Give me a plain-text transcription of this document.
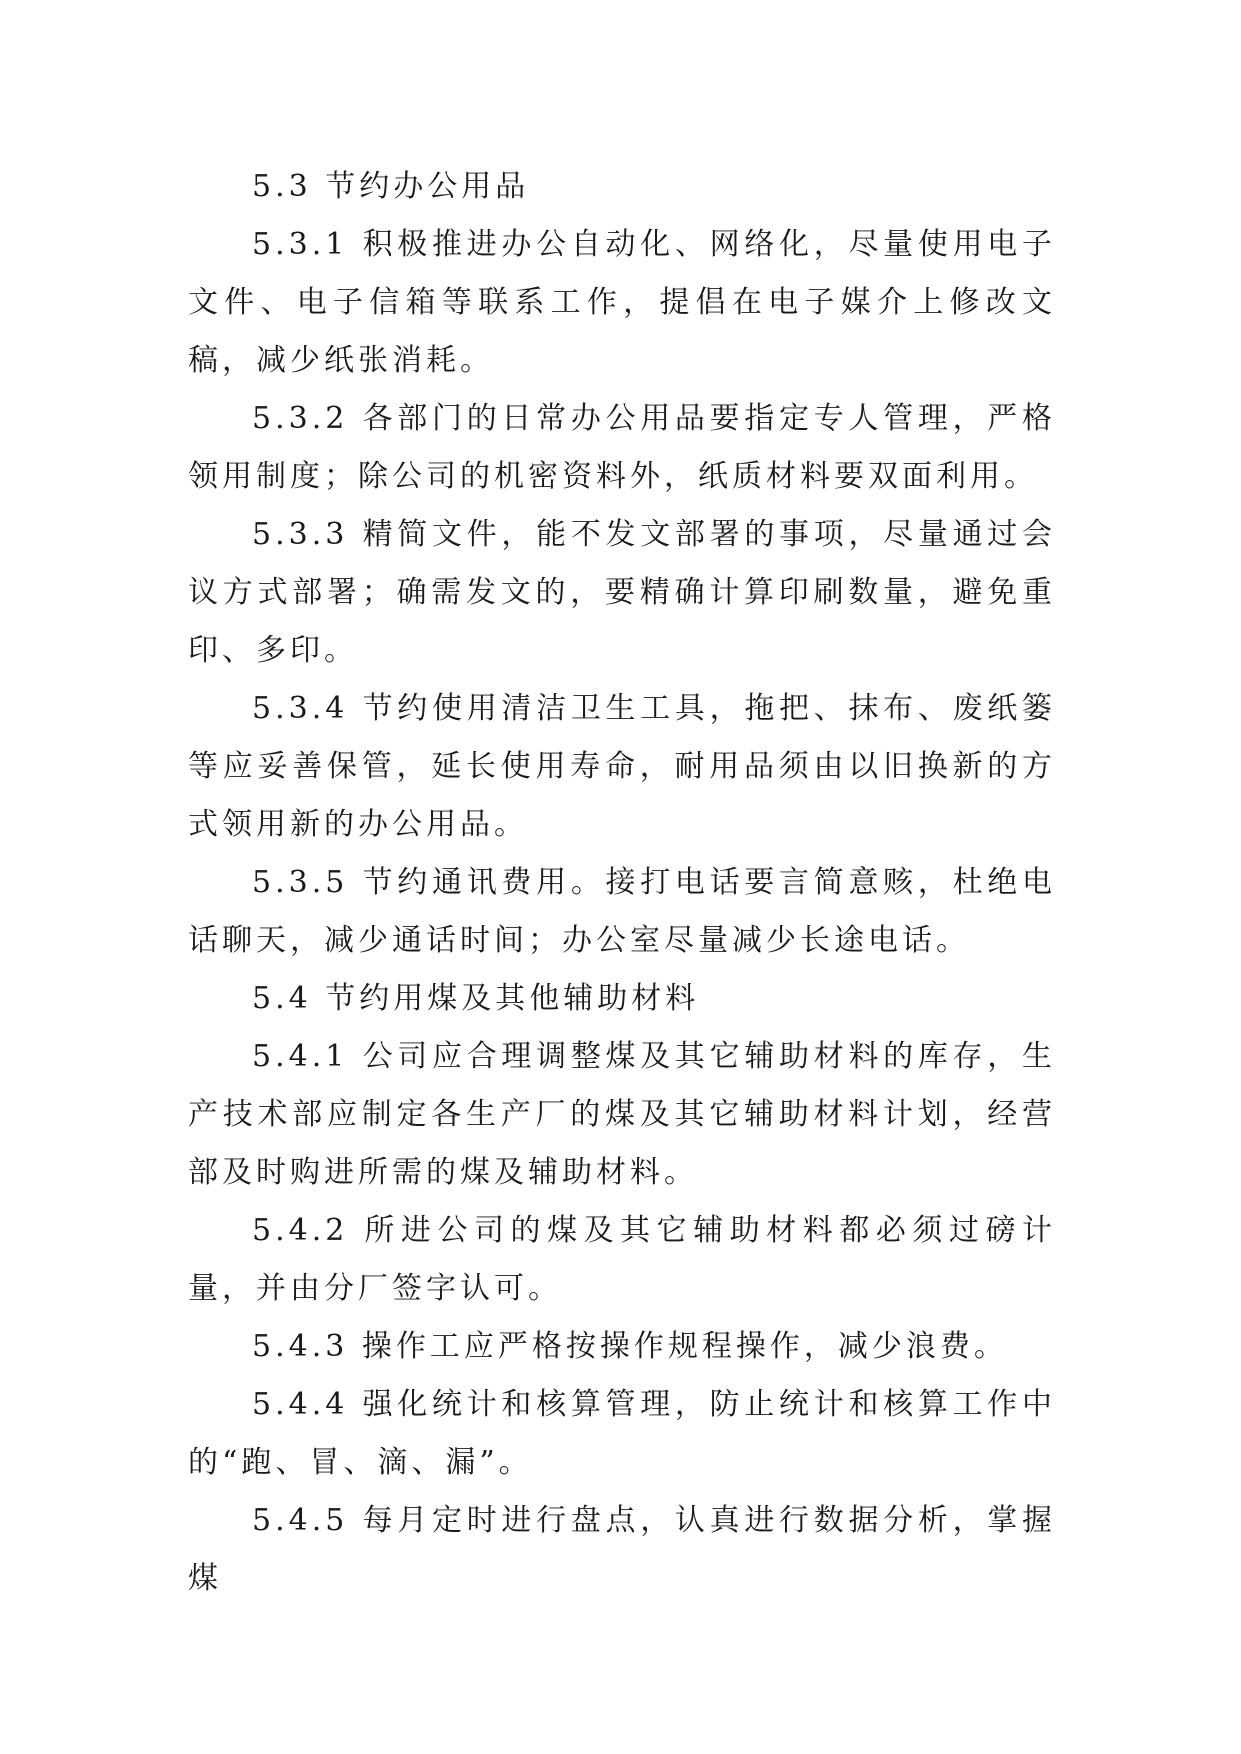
5.3 节约办公用品

5.3.1 积极推进办公自动化、网络化，尽量使用电子文件、电子信箱等联系工作，提倡在电子媒介上修改文稿，减少纸张消耗。

5.3.2 各部门的日常办公用品要指定专人管理，严格领用制度；除公司的机密资料外，纸质材料要双面利用。

5.3.3 精简文件，能不发文部署的事项，尽量通过会议方式部署；确需发文的，要精确计算印刷数量，避免重印、多印。

5.3.4 节约使用清洁卫生工具，拖把、抹布、废纸篓等应妥善保管，延长使用寿命，耐用品须由以旧换新的方式领用新的办公用品。

5.3.5 节约通讯费用。接打电话要言简意赅，杜绝电话聊天，减少通话时间；办公室尽量减少长途电话。

5.4 节约用煤及其他辅助材料

5.4.1 公司应合理调整煤及其它辅助材料的库存，生产技术部应制定各生产厂的煤及其它辅助材料计划，经营部及时购进所需的煤及辅助材料。

5.4.2 所进公司的煤及其它辅助材料都必须过磅计量，并由分厂签字认可。

5.4.3 操作工应严格按操作规程操作，减少浪费。

5.4.4 强化统计和核算管理，防止统计和核算工作中的“跑、冒、滴、漏”。

5.4.5 每月定时进行盘点，认真进行数据分析，掌握煤
